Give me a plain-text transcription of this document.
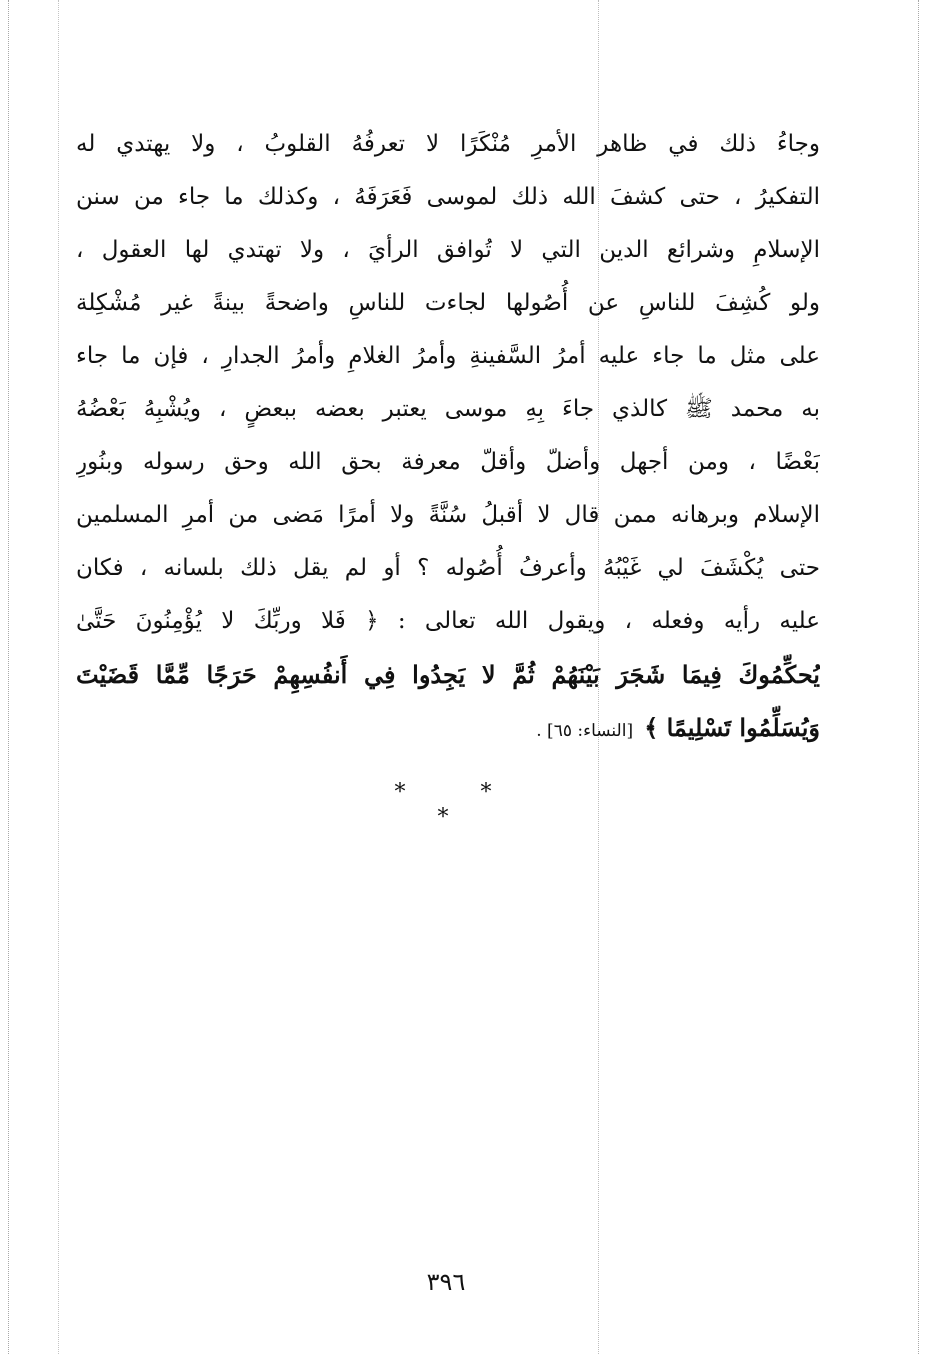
وجاءُ ذلك في ظاهر الأمرِ مُنْكَرًا لا تعرفُهُ القلوبُ ، ولا يهتدي له
التفكيرُ ، حتى كشفَ الله ذلك لموسى فَعَرَفَهُ ، وكذلك ما جاء من سنن
الإسلامِ وشرائع الدين التي لا تُوافق الرأيَ ، ولا تهتدي لها العقول ،
ولو كُشِفَ للناسِ عن أُصُولها لجاءت للناسِ واضحةً بينةً غير مُشْكِلة
على مثل ما جاء عليه أمرُ السَّفينةِ وأمرُ الغلامِ وأمرُ الجدارِ ، فإن ما جاء
به محمد ﷺ كالذي جاءَ بِهِ موسى يعتبر بعضه ببعضٍ ، ويُشْبِهُ بَعْضُهُ
بَعْضًا ، ومن أجهل وأضلّ وأقلّ معرفة بحق الله وحق رسوله وبنُورِ
الإسلام وبرهانه ممن قال لا أقبلُ سُنَّةً ولا أمرًا مَضى من أمرِ المسلمين
حتى يُكْشَفَ لي غَيْبُهُ وأعرفُ أُصُوله ؟ أو لم يقل ذلك بلسانه ، فكان
عليه رأيه وفعله ، ويقول الله تعالى : ﴿ فَلا وربِّكَ لا يُؤْمِنُونَ حَتَّىٰ
يُحكِّمُوكَ فِيمَا شَجَرَ بَيْنَهُمْ ثُمَّ لا يَجِدُوا فِي أَنفُسِهِمْ حَرَجًا مِّمَّا قَضَيْتَ
وَيُسَلِّمُوا تَسْلِيمًا ﴾ [النساء: ٦٥] .
* * *
٣٩٦
